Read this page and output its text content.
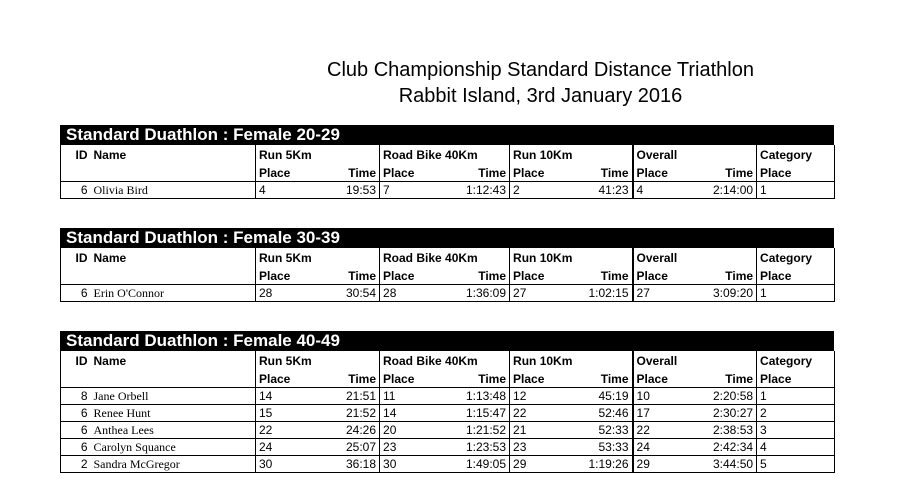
Club Championship Standard Distance Triathlon
Rabbit Island, 3rd January 2016
Standard Duathlon : Female 20-29
ID	Name	Run 5Km		Road Bike 40Km		Run 10Km		Overall		Category
		Place	Time	Place	Time	Place	Time	Place	Time	Place
6	Olivia Bird	4	19:53	7	1:12:43	2	41:23	4	2:14:00	1
Standard Duathlon : Female 30-39
ID	Name	Run 5Km		Road Bike 40Km		Run 10Km		Overall		Category
		Place	Time	Place	Time	Place	Time	Place	Time	Place
6	Erin O'Connor	28	30:54	28	1:36:09	27	1:02:15	27	3:09:20	1
Standard Duathlon : Female 40-49
ID	Name	Run 5Km		Road Bike 40Km		Run 10Km		Overall		Category
		Place	Time	Place	Time	Place	Time	Place	Time	Place
8	Jane Orbell	14	21:51	11	1:13:48	12	45:19	10	2:20:58	1
6	Renee Hunt	15	21:52	14	1:15:47	22	52:46	17	2:30:27	2
6	Anthea Lees	22	24:26	20	1:21:52	21	52:33	22	2:38:53	3
6	Carolyn Squance	24	25:07	23	1:23:53	23	53:33	24	2:42:34	4
2	Sandra McGregor	30	36:18	30	1:49:05	29	1:19:26	29	3:44:50	5
